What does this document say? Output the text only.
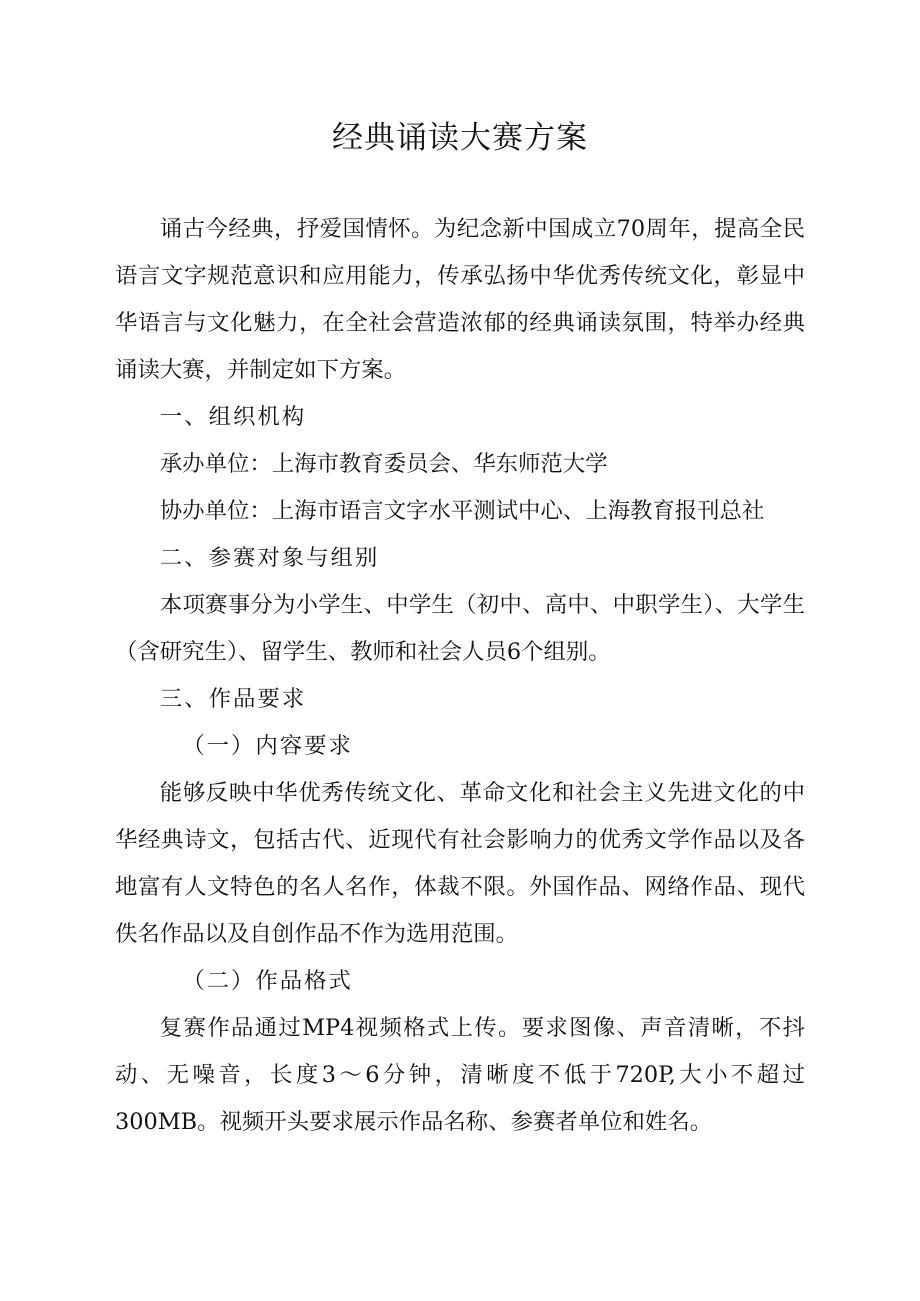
经典诵读大赛方案

诵古今经典，抒爱国情怀。为纪念新中国成立70周年，提高全民语言文字规范意识和应用能力，传承弘扬中华优秀传统文化，彰显中华语言与文化魅力，在全社会营造浓郁的经典诵读氛围，特举办经典诵读大赛，并制定如下方案。

一、组织机构

承办单位：上海市教育委员会、华东师范大学

协办单位：上海市语言文字水平测试中心、上海教育报刊总社

二、参赛对象与组别

本项赛事分为小学生、中学生（初中、高中、中职学生）、大学生（含研究生）、留学生、教师和社会人员6个组别。

三、作品要求

（一）内容要求

能够反映中华优秀传统文化、革命文化和社会主义先进文化的中华经典诗文，包括古代、近现代有社会影响力的优秀文学作品以及各地富有人文特色的名人名作，体裁不限。外国作品、网络作品、现代佚名作品以及自创作品不作为选用范围。

（二）作品格式

复赛作品通过MP4视频格式上传。要求图像、声音清晰，不抖动、无噪音，长度3～6分钟，清晰度不低于720P,大小不超过300MB。视频开头要求展示作品名称、参赛者单位和姓名。
